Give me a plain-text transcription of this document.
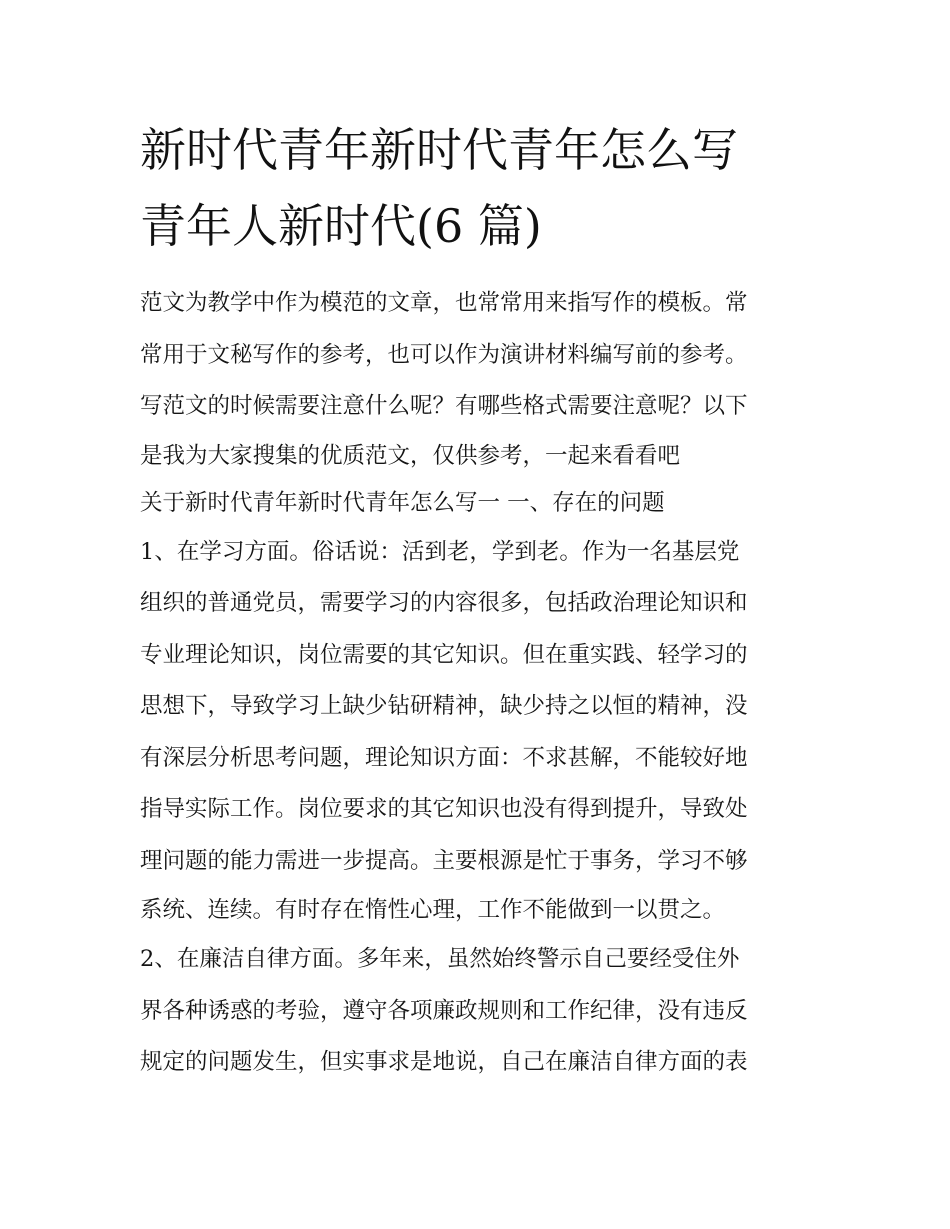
新时代青年新时代青年怎么写
青年人新时代(6 篇)
范文为教学中作为模范的文章，也常常用来指写作的模板。常
常用于文秘写作的参考，也可以作为演讲材料编写前的参考。
写范文的时候需要注意什么呢？有哪些格式需要注意呢？以下
是我为大家搜集的优质范文，仅供参考，一起来看看吧
关于新时代青年新时代青年怎么写一 一、存在的问题
1、在学习方面。俗话说：活到老，学到老。作为一名基层党
组织的普通党员，需要学习的内容很多，包括政治理论知识和
专业理论知识，岗位需要的其它知识。但在重实践、轻学习的
思想下，导致学习上缺少钻研精神，缺少持之以恒的精神，没
有深层分析思考问题，理论知识方面：不求甚解，不能较好地
指导实际工作。岗位要求的其它知识也没有得到提升，导致处
理问题的能力需进一步提高。主要根源是忙于事务，学习不够
系统、连续。有时存在惰性心理，工作不能做到一以贯之。
2、在廉洁自律方面。多年来，虽然始终警示自己要经受住外
界各种诱惑的考验，遵守各项廉政规则和工作纪律，没有违反
规定的问题发生，但实事求是地说，自己在廉洁自律方面的表
